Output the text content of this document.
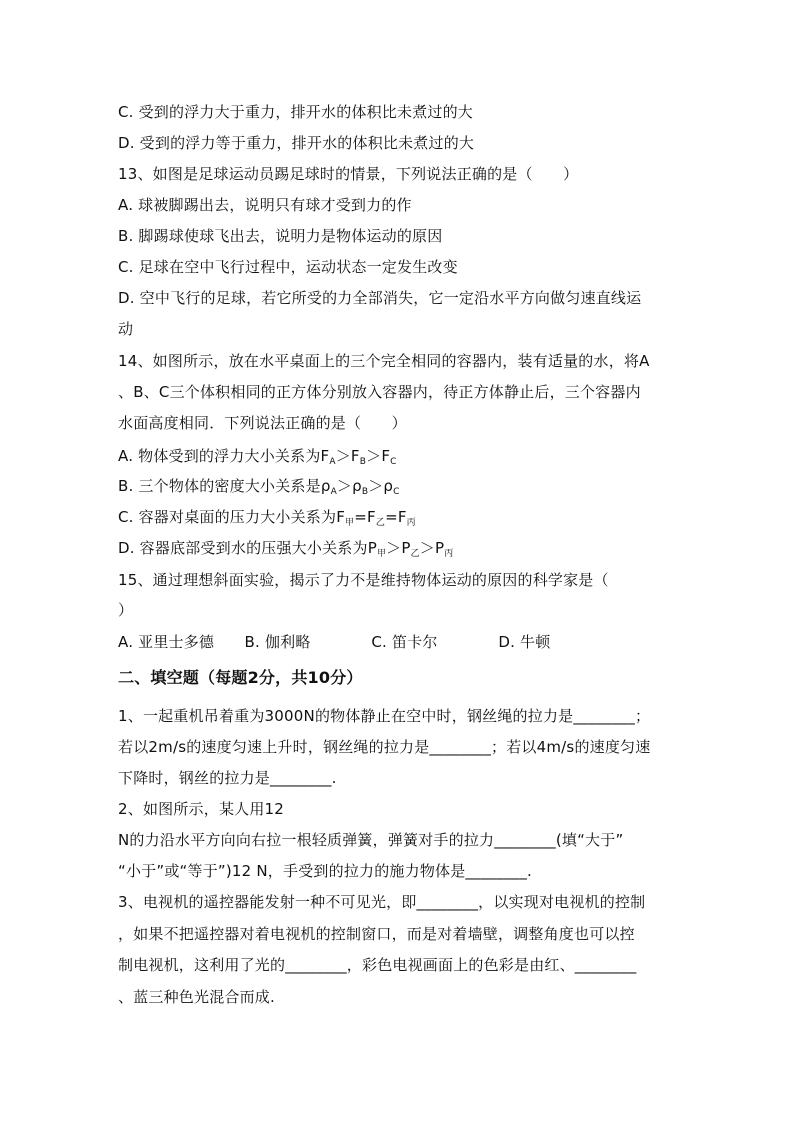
C. 受到的浮力大于重力，排开水的体积比未煮过的大
D. 受到的浮力等于重力，排开水的体积比未煮过的大
13、如图是足球运动员踢足球时的情景，下列说法正确的是（　　）
A. 球被脚踢出去，说明只有球才受到力的作
B. 脚踢球使球飞出去，说明力是物体运动的原因
C. 足球在空中飞行过程中，运动状态一定发生改变
D. 空中飞行的足球，若它所受的力全部消失，它一定沿水平方向做匀速直线运
动
14、如图所示，放在水平桌面上的三个完全相同的容器内，装有适量的水，将A
、B、C三个体积相同的正方体分别放入容器内，待正方体静止后，三个容器内
水面高度相同．下列说法正确的是（　　）
A. 物体受到的浮力大小关系为$F_A>F_B>F_C$
B. 三个物体的密度大小关系是$\rho_A>\rho_B>\rho_C$
C. 容器对桌面的压力大小关系为$F_甲=F_乙=F_丙$
D. 容器底部受到水的压强大小关系为$P_甲>P_乙>P_丙$
15、通过理想斜面实验，揭示了力不是维持物体运动的原因的科学家是（
）
A. 亚里士多德　　B. 伽利略　　　　C. 笛卡尔　　　　D. 牛顿
二、填空题（每题2分，共10分）
1、一起重机吊着重为3000N的物体静止在空中时，钢丝绳的拉力是________；
若以2m/s的速度匀速上升时，钢丝绳的拉力是________；若以4m/s的速度匀速
下降时，钢丝的拉力是________.
2、如图所示，某人用12
N的力沿水平方向向右拉一根轻质弹簧，弹簧对手的拉力________(填“大于”
“小于”或“等于”)12 N，手受到的拉力的施力物体是________.
3、电视机的遥控器能发射一种不可见光，即________，以实现对电视机的控制
，如果不把遥控器对着电视机的控制窗口，而是对着墙壁，调整角度也可以控
制电视机，这利用了光的________，彩色电视画面上的色彩是由红、________
、蓝三种色光混合而成.
